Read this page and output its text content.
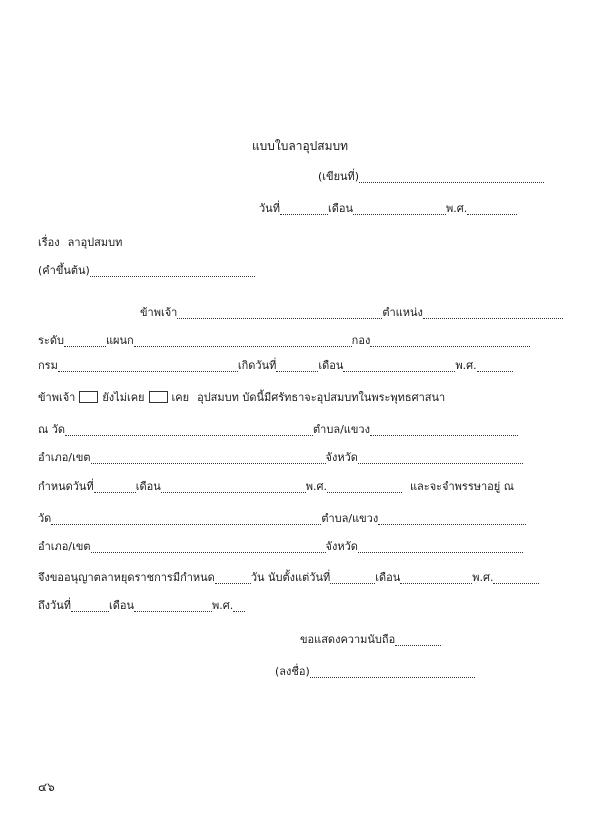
แบบใบลาอุปสมบท
(เขียนที่)
วันที่	เดือน	พ.ศ.
เรื่อง ลาอุปสมบท
(คำขึ้นต้น)
ข้าพเจ้า	ตำแหน่ง
ระดับ	แผนก	กอง
กรม	เกิดวันที่	เดือน	พ.ศ.
ข้าพเจ้า ยังไม่เคย เคย อุปสมบท บัดนี้มีศรัทธาจะอุปสมบทในพระพุทธศาสนา
ณ วัด	ตำบล/แขวง
อำเภอ/เขต	จังหวัด
กำหนดวันที่	เดือน	พ.ศ.	และจะจำพรรษาอยู่ ณ
วัด	ตำบล/แขวง
อำเภอ/เขต	จังหวัด
จึงขออนุญาตลาหยุดราชการมีกำหนด	วัน นับตั้งแต่วันที่	เดือน	พ.ศ.
ถึงวันที่	เดือน	พ.ศ.
ขอแสดงความนับถือ
(ลงชื่อ)
๔๖
